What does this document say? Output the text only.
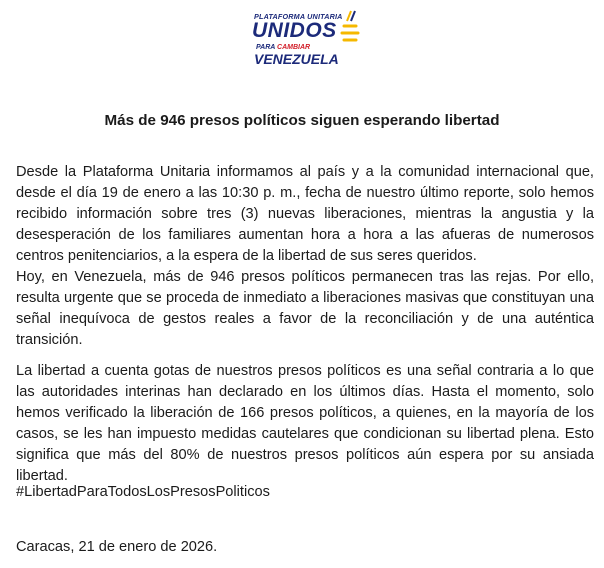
PLATAFORMA UNITARIA
UNIDOS
PARA CAMBIAR
VENEZUELA
Más de 946 presos políticos siguen esperando libertad
Desde la Plataforma Unitaria informamos al país y a la comunidad internacional que, desde el día 19 de enero a las 10:30 p. m., fecha de nuestro último reporte, solo hemos recibido información sobre tres (3) nuevas liberaciones, mientras la angustia y la desesperación de los familiares aumentan hora a hora a las afueras de numerosos centros penitenciarios, a la espera de la libertad de sus seres queridos.
Hoy, en Venezuela, más de 946 presos políticos permanecen tras las rejas. Por ello, resulta urgente que se proceda de inmediato a liberaciones masivas que constituyan una señal inequívoca de gestos reales a favor de la reconciliación y de una auténtica transición.
La libertad a cuenta gotas de nuestros presos políticos es una señal contraria a lo que las autoridades interinas han declarado en los últimos días. Hasta el momento, solo hemos verificado la liberación de 166 presos políticos, a quienes, en la mayoría de los casos, se les han impuesto medidas cautelares que condicionan su libertad plena. Esto significa que más del 80% de nuestros presos políticos aún espera por su ansiada libertad.
#LibertadParaTodosLosPresosPoliticos
Caracas, 21 de enero de 2026.
